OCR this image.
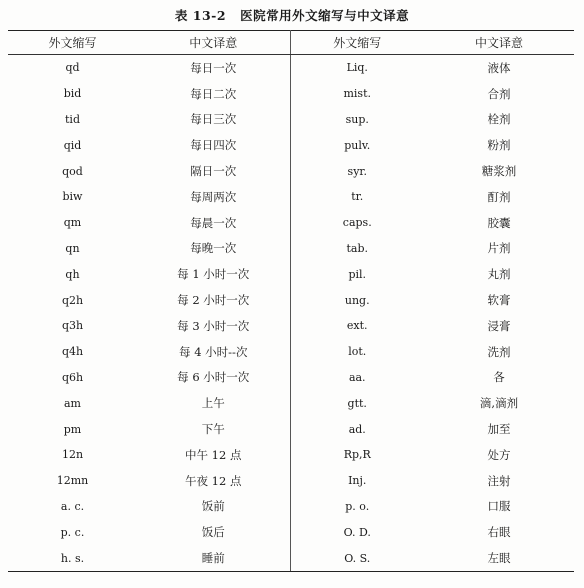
表 13-2 医院常用外文缩写与中文译意
外文缩写	中文译意	外文缩写	中文译意
qd	每日一次	Liq.	液体
bid	每日二次	mist.	合剂
tid	每日三次	sup.	栓剂
qid	每日四次	pulv.	粉剂
qod	隔日一次	syr.	糖浆剂
biw	每周两次	tr.	酊剂
qm	每晨一次	caps.	胶囊
qn	每晚一次	tab.	片剂
qh	每 1 小时一次	pil.	丸剂
q2h	每 2 小时一次	ung.	软膏
q3h	每 3 小时一次	ext.	浸膏
q4h	每 4 小时--次	lot.	洗剂
q6h	每 6 小时一次	aa.	各
am	上午	gtt.	滴,滴剂
pm	下午	ad.	加至
12n	中午 12 点	Rp,R	处方
12mn	午夜 12 点	Inj.	注射
a. c.	饭前	p. o.	口服
p. c.	饭后	O. D.	右眼
h. s.	睡前	O. S.	左眼
